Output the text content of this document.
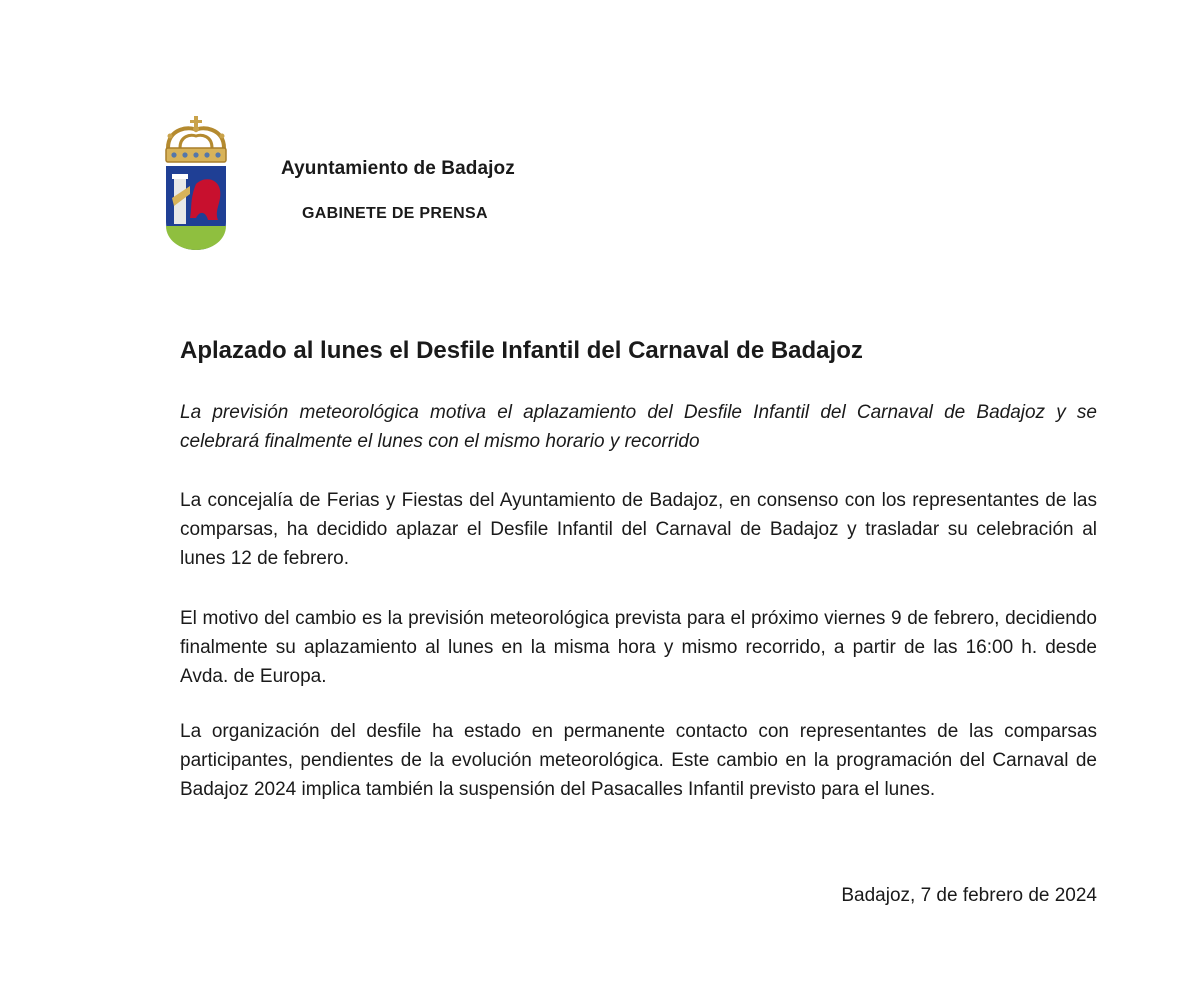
Ayuntamiento de Badajoz
GABINETE DE PRENSA
Aplazado al lunes el Desfile Infantil del Carnaval de Badajoz

La previsión meteorológica motiva el aplazamiento del Desfile Infantil del Carnaval de Badajoz y se celebrará finalmente el lunes con el mismo horario y recorrido

La concejalía de Ferias y Fiestas del Ayuntamiento de Badajoz, en consenso con los representantes de las comparsas, ha decidido aplazar el Desfile Infantil del Carnaval de Badajoz y trasladar su celebración al lunes 12 de febrero.

El motivo del cambio es la previsión meteorológica prevista para el próximo viernes 9 de febrero, decidiendo finalmente su aplazamiento al lunes en la misma hora y mismo recorrido, a partir de las 16:00 h. desde Avda. de Europa.

La organización del desfile ha estado en permanente contacto con representantes de las comparsas participantes, pendientes de la evolución meteorológica. Este cambio en la programación del Carnaval de Badajoz 2024 implica también la suspensión del Pasacalles Infantil previsto para el lunes.

Badajoz, 7 de febrero de 2024
